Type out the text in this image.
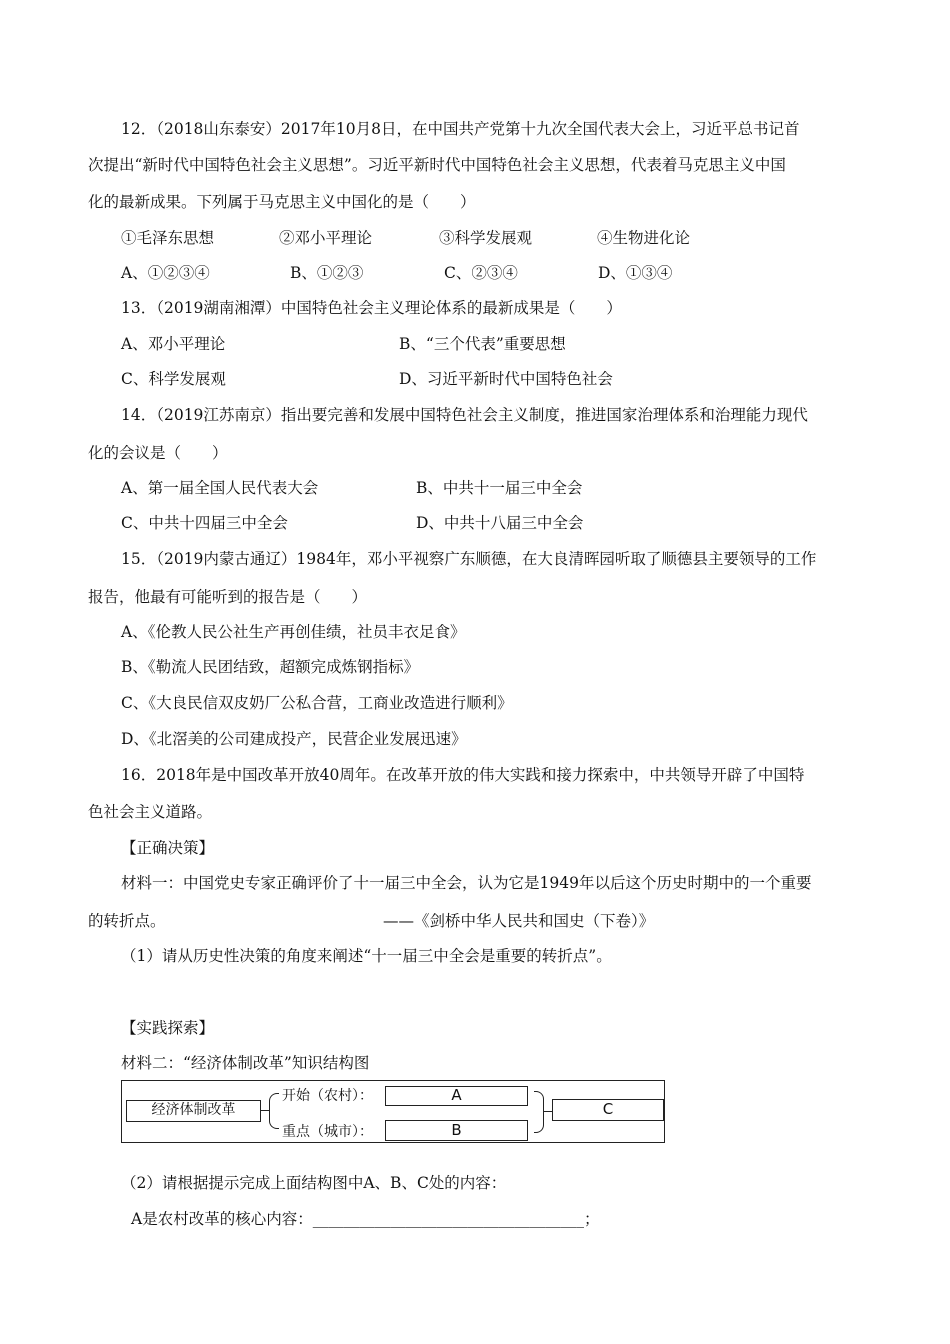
12．（2018山东泰安）2017年10月8日，在中国共产党第十九次全国代表大会上，习近平总书记首
次提出“新时代中国特色社会主义思想”。习近平新时代中国特色社会主义思想，代表着马克思主义中国
化的最新成果。下列属于马克思主义中国化的是（　　）
①毛泽东思想	②邓小平理论	③科学发展观	④生物进化论
A、①②③④	B、①②③	C、②③④	D、①③④
13．（2019湖南湘潭）中国特色社会主义理论体系的最新成果是（　　）
A、邓小平理论	B、“三个代表”重要思想
C、科学发展观	D、习近平新时代中国特色社会
14．（2019江苏南京）指出要完善和发展中国特色社会主义制度，推进国家治理体系和治理能力现代
化的会议是（　　）
A、第一届全国人民代表大会	B、中共十一届三中全会
C、中共十四届三中全会	D、中共十八届三中全会
15．（2019内蒙古通辽）1984年，邓小平视察广东顺德，在大良清晖园听取了顺德县主要领导的工作
报告，他最有可能听到的报告是（　　）
A、《伦教人民公社生产再创佳绩，社员丰衣足食》
B、《勒流人民团结致，超额完成炼钢指标》
C、《大良民信双皮奶厂公私合营，工商业改造进行顺利》
D、《北滘美的公司建成投产，民营企业发展迅速》
16．2018年是中国改革开放40周年。在改革开放的伟大实践和接力探索中，中共领导开辟了中国特
色社会主义道路。
【正确决策】
材料一：中国党史专家正确评价了十一届三中全会，认为它是1949年以后这个历史时期中的一个重要
的转折点。	——《剑桥中华人民共和国史（下卷）》
（1）请从历史性决策的角度来阐述“十一届三中全会是重要的转折点”。
【实践探索】
材料二：“经济体制改革”知识结构图
经济体制改革
开始（农村）：
重点（城市）：
A
B
C
（2）请根据提示完成上面结构图中A、B、C处的内容：
A是农村改革的核心内容：___________________________________；
